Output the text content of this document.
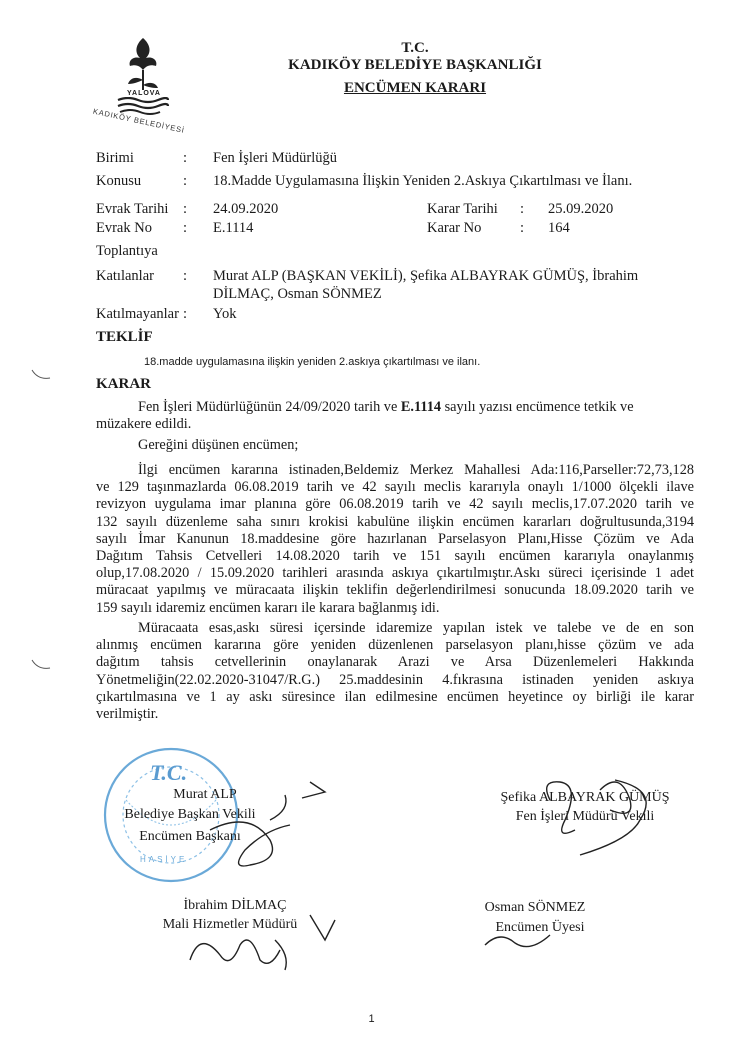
YALOVA
KADIKÖY BELEDİYESİ
T.C.
KADIKÖY BELEDİYE BAŞKANLIĞI
ENCÜMEN KARARI
Birimi	: Fen İşleri Müdürlüğü
Konusu	: 18.Madde Uygulamasına İlişkin Yeniden 2.Askıya Çıkartılması ve İlanı.
Evrak Tarihi : 24.09.2020	Karar Tarihi : 25.09.2020
Evrak No : E.1114	Karar No	: 164
Toplantıya
Katılanlar : Murat ALP (BAŞKAN VEKİLİ), Şefika ALBAYRAK GÜMÜŞ, İbrahim
DİLMAÇ, Osman SÖNMEZ
Katılmayanlar : Yok
TEKLİF
18.madde uygulamasına ilişkin yeniden 2.askıya çıkartılması ve ilanı.
KARAR
Fen İşleri Müdürlüğünün 24/09/2020 tarih ve E.1114 sayılı yazısı encümence tetkik ve
müzakere edildi.
Gereğini düşünen encümen;
İlgi encümen kararına istinaden,Beldemiz Merkez Mahallesi Ada:116,Parseller:72,73,128
ve 129 taşınmazlarda 06.08.2019 tarih ve 42 sayılı meclis kararıyla onaylı 1/1000 ölçekli ilave
revizyon uygulama imar planına göre 06.08.2019 tarih ve 42 sayılı meclis,17.07.2020 tarih ve
132 sayılı düzenleme saha sınırı krokisi kabulüne ilişkin encümen kararları doğrultusunda,3194
sayılı İmar Kanunun 18.maddesine göre hazırlanan Parselasyon Planı,Hisse Çözüm ve Ada
Dağıtım Tahsis Cetvelleri 14.08.2020 tarih ve 151 sayılı encümen kararıyla onaylanmış
olup,17.08.2020 / 15.09.2020 tarihleri arasında askıya çıkartılmıştır.Askı süreci içerisinde 1 adet
müracaat yapılmış ve müracaata ilişkin teklifin değerlendirilmesi sonucunda 18.09.2020 tarih ve
159 sayılı idaremiz encümen kararı ile karara bağlanmış idi.
Müracaata esas,askı süresi içersinde idaremize yapılan istek ve talebe ve de en son
alınmış encümen kararına göre yeniden düzenlenen parselasyon planı,hisse çözüm ve ada
dağıtım tahsis cetvellerinin onaylanarak Arazi ve Arsa Düzenlemeleri Hakkında
Yönetmeliğin(22.02.2020-31047/R.G.) 25.maddesinin 4.fıkrasına istinaden yeniden askıya
çıkartılmasına ve 1 ay askı süresince ilan edilmesine encümen heyetince oy birliği ile karar
verilmiştir.
T.C.
HASİYE
Murat ALP
Belediye Başkan Vekili
Encümen Başkanı
Şefika ALBAYRAK GÜMÜŞ
Fen İşleri Müdürü Vekili
İbrahim DİLMAÇ
Mali Hizmetler Müdürü
Osman SÖNMEZ
Encümen Üyesi
1
